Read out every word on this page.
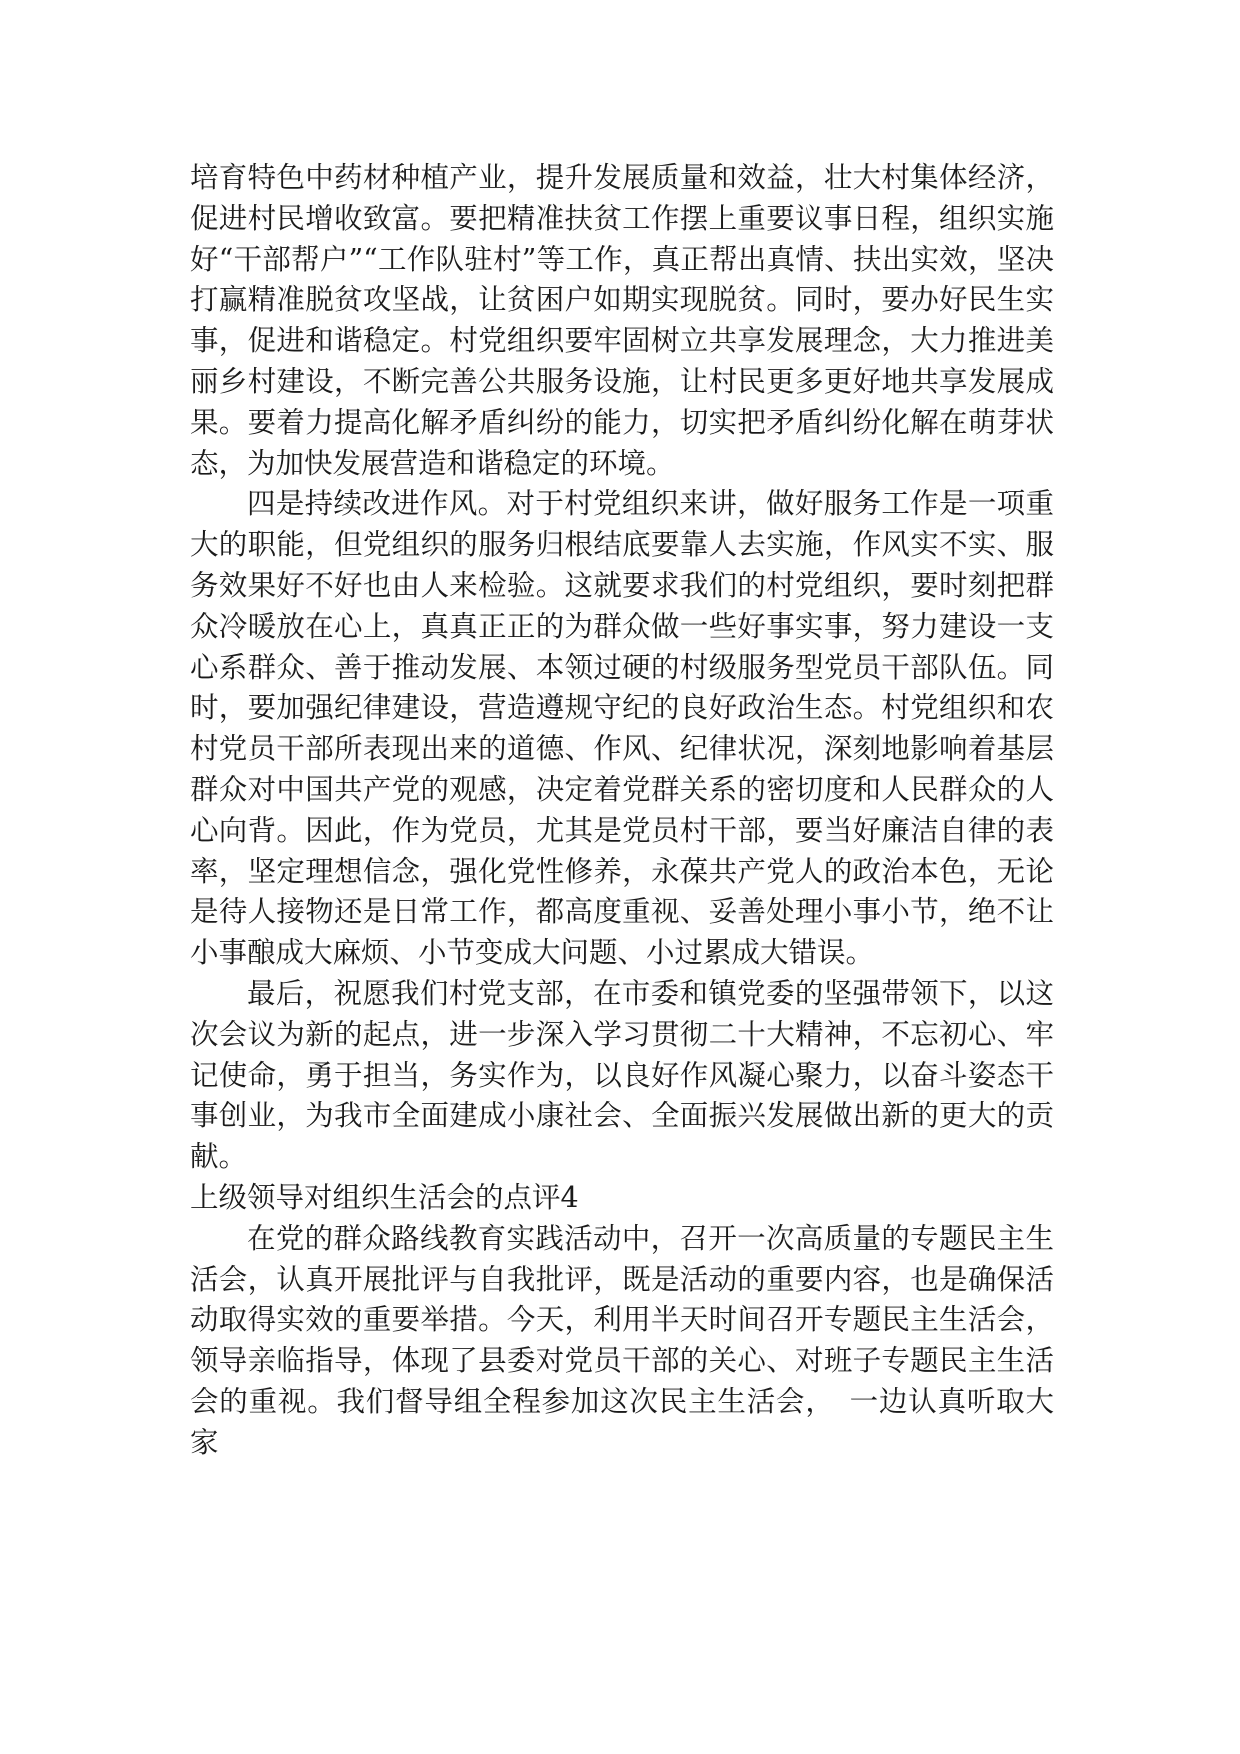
培育特色中药材种植产业，提升发展质量和效益，壮大村集体经济，促进村民增收致富。要把精准扶贫工作摆上重要议事日程，组织实施好“干部帮户”“工作队驻村”等工作，真正帮出真情、扶出实效，坚决打赢精准脱贫攻坚战，让贫困户如期实现脱贫。同时，要办好民生实事，促进和谐稳定。村党组织要牢固树立共享发展理念，大力推进美丽乡村建设，不断完善公共服务设施，让村民更多更好地共享发展成果。要着力提高化解矛盾纠纷的能力，切实把矛盾纠纷化解在萌芽状态，为加快发展营造和谐稳定的环境。

四是持续改进作风。对于村党组织来讲，做好服务工作是一项重大的职能，但党组织的服务归根结底要靠人去实施，作风实不实、服务效果好不好也由人来检验。这就要求我们的村党组织，要时刻把群众冷暖放在心上，真真正正的为群众做一些好事实事，努力建设一支心系群众、善于推动发展、本领过硬的村级服务型党员干部队伍。同时，要加强纪律建设，营造遵规守纪的良好政治生态。村党组织和农村党员干部所表现出来的道德、作风、纪律状况，深刻地影响着基层群众对中国共产党的观感，决定着党群关系的密切度和人民群众的人心向背。因此，作为党员，尤其是党员村干部，要当好廉洁自律的表率，坚定理想信念，强化党性修养，永葆共产党人的政治本色，无论是待人接物还是日常工作，都高度重视、妥善处理小事小节，绝不让小事酿成大麻烦、小节变成大问题、小过累成大错误。

最后，祝愿我们村党支部，在市委和镇党委的坚强带领下，以这次会议为新的起点，进一步深入学习贯彻二十大精神，不忘初心、牢记使命，勇于担当，务实作为，以良好作风凝心聚力，以奋斗姿态干事创业，为我市全面建成小康社会、全面振兴发展做出新的更大的贡献。

上级领导对组织生活会的点评4

在党的群众路线教育实践活动中，召开一次高质量的专题民主生活会，认真开展批评与自我批评，既是活动的重要内容，也是确保活动取得实效的重要举措。今天，利用半天时间召开专题民主生活会，领导亲临指导，体现了县委对党员干部的关心、对班子专题民主生活会的重视。我们督导组全程参加这次民主生活会，　一边认真听取大家
